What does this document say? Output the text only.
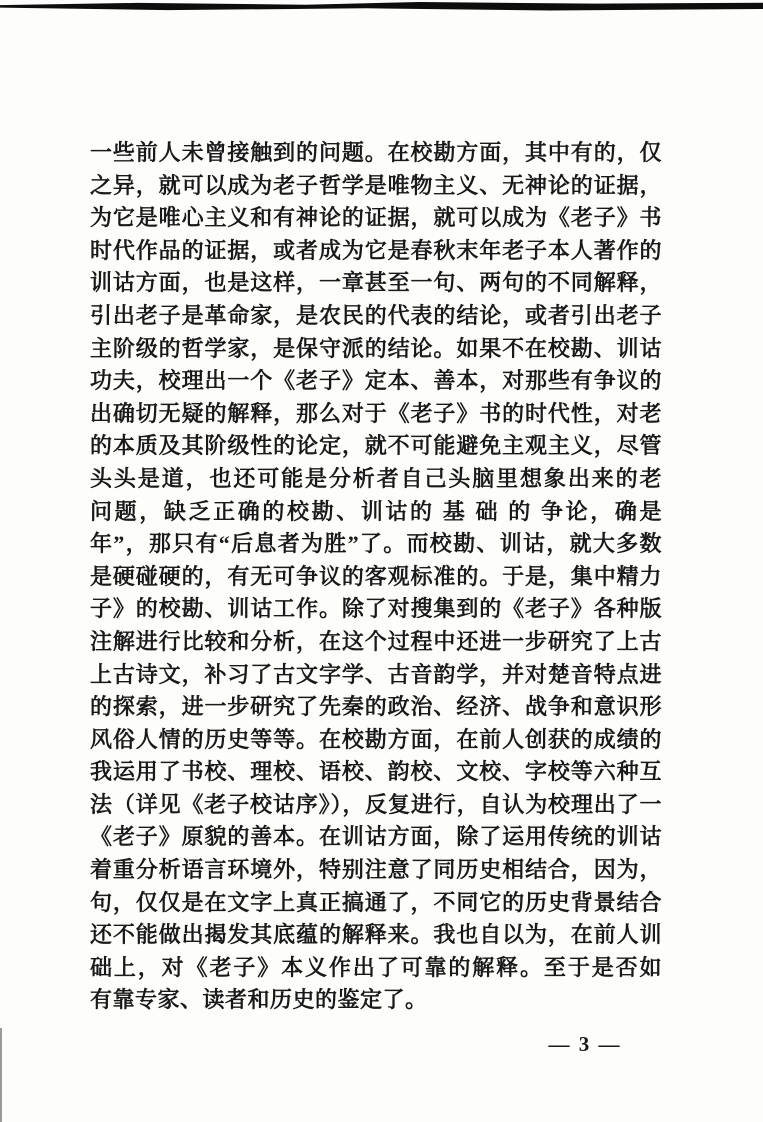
一些前人未曾接触到的问题。在校勘方面，其中有的，仅
之异，就可以成为老子哲学是唯物主义、无神论的证据，
为它是唯心主义和有神论的证据，就可以成为《老子》书
时代作品的证据，或者成为它是春秋末年老子本人著作的
训诂方面，也是这样，一章甚至一句、两句的不同解释，
引出老子是革命家，是农民的代表的结论，或者引出老子
主阶级的哲学家，是保守派的结论。如果不在校勘、训诂
功夫，校理出一个《老子》定本、善本，对那些有争议的
出确切无疑的解释，那么对于《老子》书的时代性，对老
的本质及其阶级性的论定，就不可能避免主观主义，尽管
头头是道，也还可能是分析者自己头脑里想象出来的老
问题，缺乏正确的校勘、训诂的 基 础 的 争论，确是
年”，那只有“后息者为胜”了。而校勘、训诂，就大多数
是硬碰硬的，有无可争议的客观标准的。于是，集中精力
子》的校勘、训诂工作。除了对搜集到的《老子》各种版
注解进行比较和分析，在这个过程中还进一步研究了上古
上古诗文，补习了古文字学、古音韵学，并对楚音特点进
的探索，进一步研究了先秦的政治、经济、战争和意识形
风俗人情的历史等等。在校勘方面，在前人创获的成绩的
我运用了书校、理校、语校、韵校、文校、字校等六种互
法（详见《老子校诂序》），反复进行，自认为校理出了一
《老子》原貌的善本。在训诂方面，除了运用传统的训诂
着重分析语言环境外，特别注意了同历史相结合，因为，
句，仅仅是在文字上真正搞通了，不同它的历史背景结合
还不能做出揭发其底蕴的解释来。我也自以为，在前人训
础上，对《老子》本义作出了可靠的解释。至于是否如
有靠专家、读者和历史的鉴定了。
— 3 —
